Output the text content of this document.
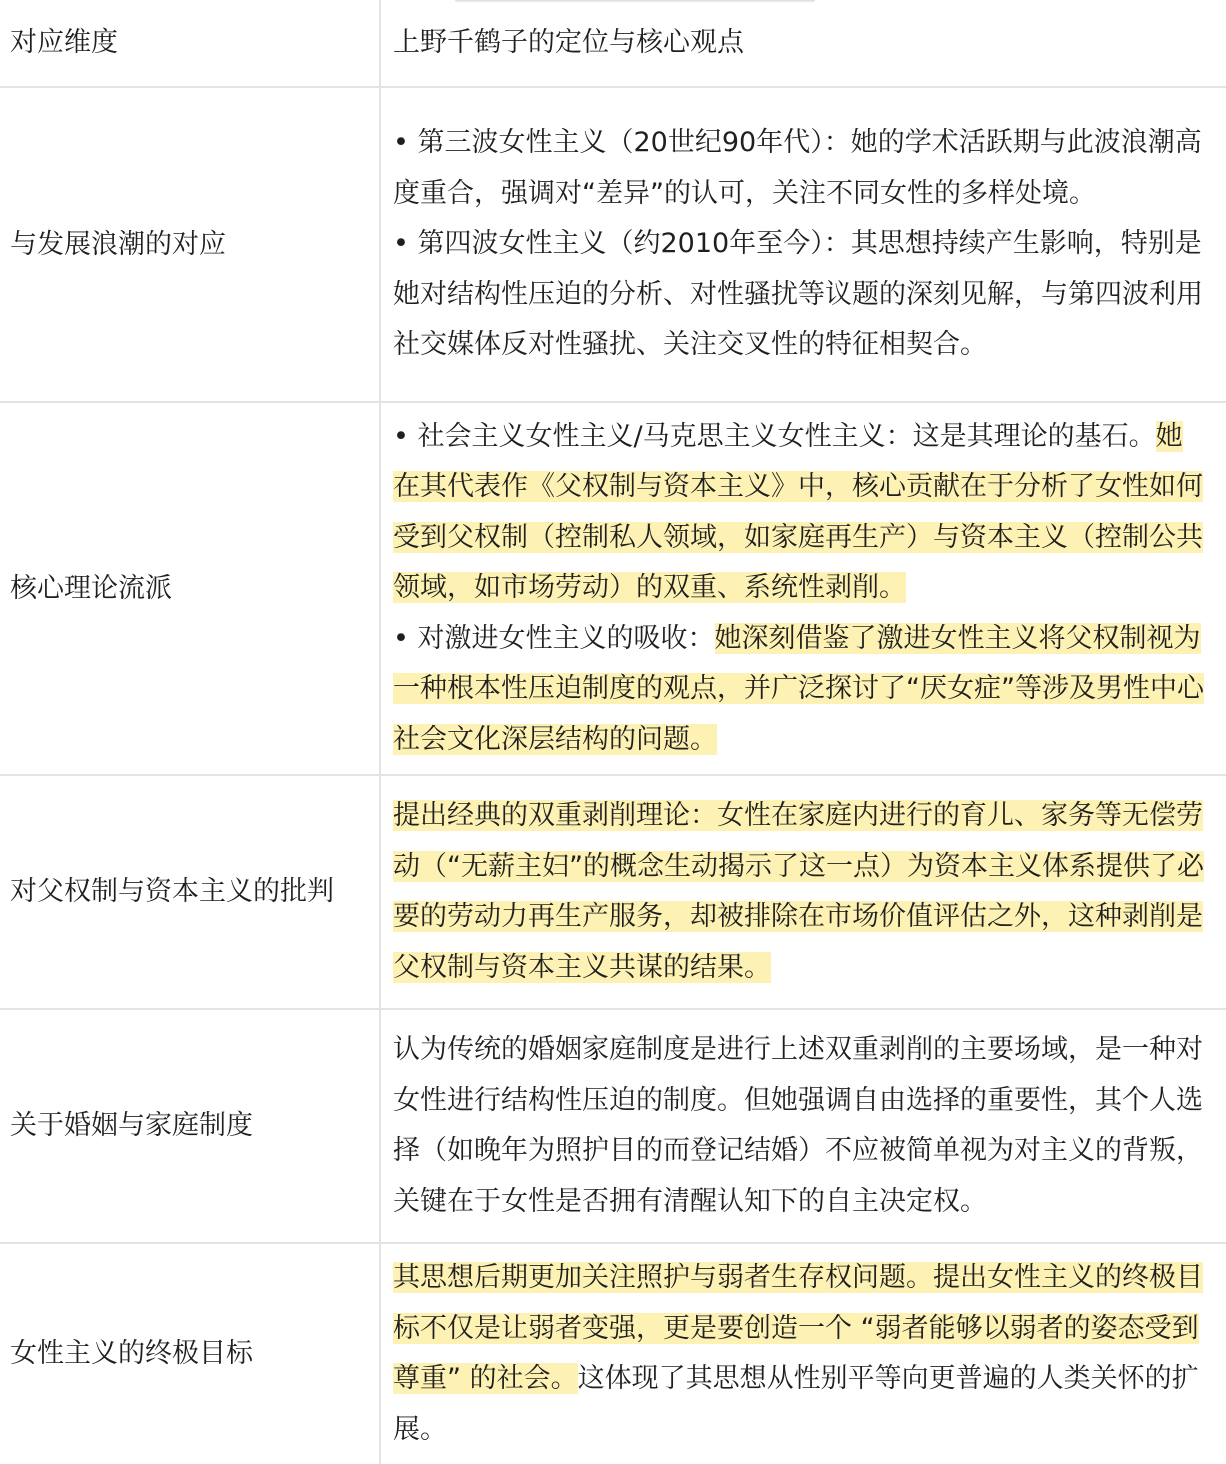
对应维度	上野千鹤子的定位与核心观点
与发展浪潮的对应	• 第三波女性主义（20世纪90年代）：她的学术活跃期与此波浪潮高度重合，强调对“差异”的认可，关注不同女性的多样处境。
• 第四波女性主义（约2010年至今）：其思想持续产生影响，特别是她对结构性压迫的分析、对性骚扰等议题的深刻见解，与第四波利用社交媒体反对性骚扰、关注交叉性的特征相契合。

核心理论流派	• 社会主义女性主义/马克思主义女性主义：这是其理论的基石。她在其代表作《父权制与资本主义》中，核心贡献在于分析了女性如何受到父权制（控制私人领域，如家庭再生产）与资本主义（控制公共领域，如市场劳动）的双重、系统性剥削。
• 对激进女性主义的吸收：她深刻借鉴了激进女性主义将父权制视为一种根本性压迫制度的观点，并广泛探讨了“厌女症”等涉及男性中心社会文化深层结构的问题。

对父权制与资本主义的批判	提出经典的双重剥削理论：女性在家庭内进行的育儿、家务等无偿劳动（“无薪主妇”的概念生动揭示了这一点）为资本主义体系提供了必要的劳动力再生产服务，却被排除在市场价值评估之外，这种剥削是父权制与资本主义共谋的结果。
关于婚姻与家庭制度	认为传统的婚姻家庭制度是进行上述双重剥削的主要场域，是一种对女性进行结构性压迫的制度。但她强调自由选择的重要性，其个人选择（如晚年为照护目的而登记结婚）不应被简单视为对主义的背叛，关键在于女性是否拥有清醒认知下的自主决定权。
女性主义的终极目标	其思想后期更加关注照护与弱者生存权问题。提出女性主义的终极目标不仅是让弱者变强，更是要创造一个 “弱者能够以弱者的姿态受到尊重” 的社会。这体现了其思想从性别平等向更普遍的人类关怀的扩展。
